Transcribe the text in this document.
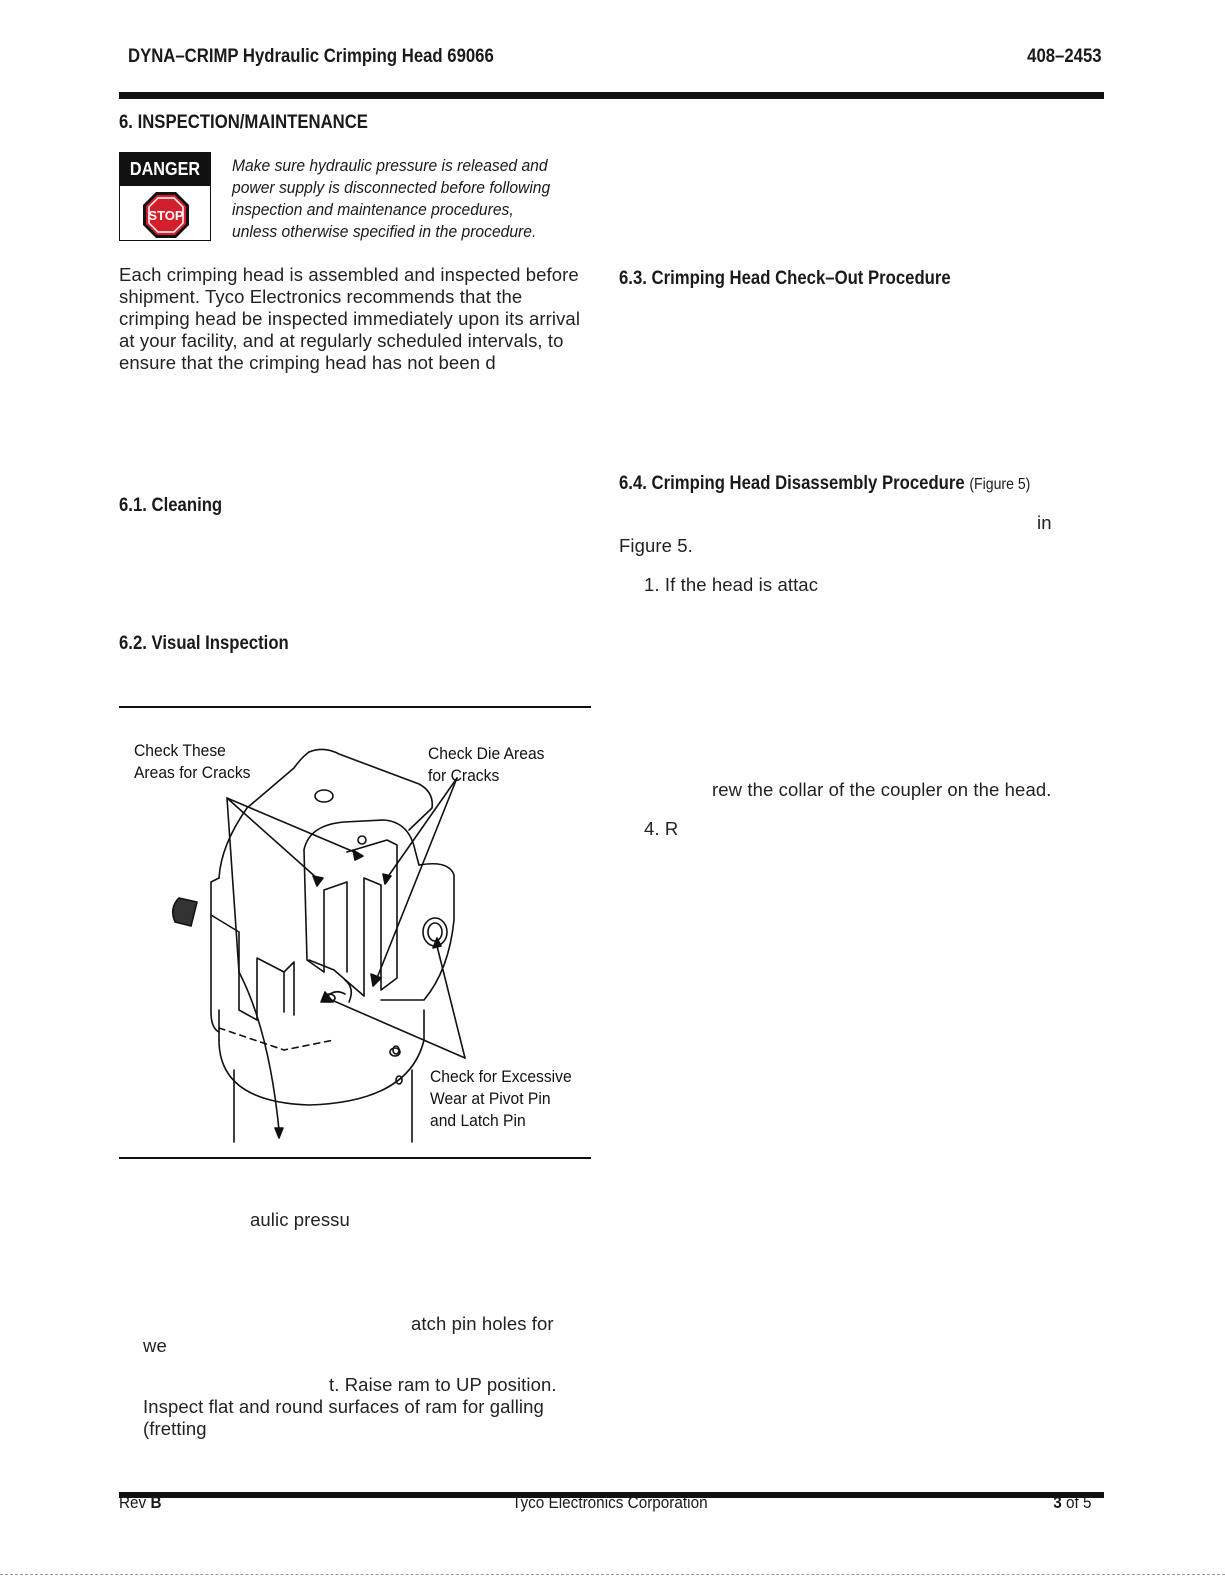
DYNA–CRIMP Hydraulic Crimping Head 69066	408–2453
6. INSPECTION/MAINTENANCE
DANGER
STOP
Make sure hydraulic pressure is released and power supply is disconnected before following inspection and maintenance procedures, unless otherwise specified in the procedure.
Each crimping head is assembled and inspected before shipment. Tyco Electronics recommends that the crimping head be inspected immediately upon its arrival at your facility, and at regularly scheduled intervals, to ensure that the crimping head has not been d
6.1. Cleaning
6.2. Visual Inspection
Check These
Areas for Cracks
Check Die Areas
for Cracks
Check for Excessive
Wear at Pivot Pin
and Latch Pin
aulic pressu
atch pin holes for
we
t. Raise ram to UP position.
Inspect flat and round surfaces of ram for galling
(fretting
6.3. Crimping Head Check–Out Procedure
6.4. Crimping Head Disassembly Procedure (Figure 5)
in
Figure 5.
1. If the head is attac
rew the collar of the coupler on the head.
4. R
Rev B	Tyco Electronics Corporation	3 of 5
